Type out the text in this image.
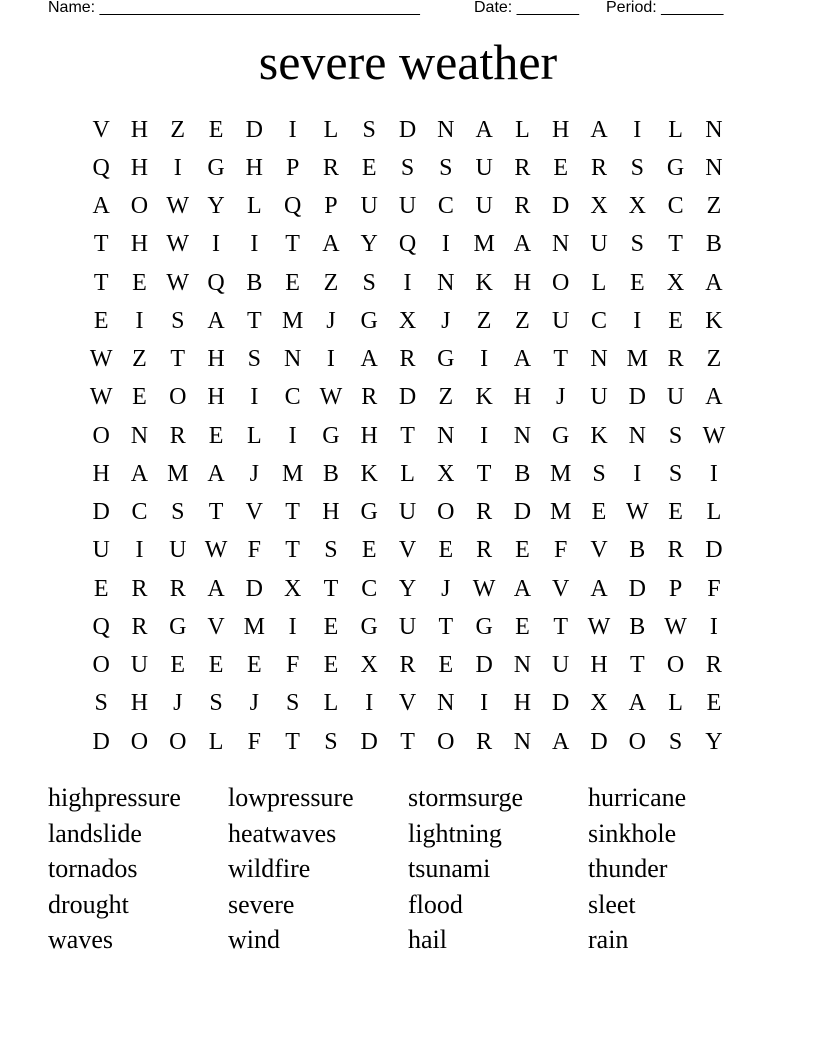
Name: ____________________________________	Date: _______ Period: _______
severe weather
V H Z E D	I	L	S D N A L H A	I	L N
Q H	I	G H P R E	S	S U R E R S G N
A O W Y L Q P U U C U R D X X C Z
T H W I	I	T A Y Q	I M A N U S	T B
T E W Q B E Z	S	I	N K H O L E X A
E	I	S A T M J	G X	J	Z Z U C	I	E K
W Z T H S N	I	A R G	I	A T N M R Z
W E O H	I	C W R D Z K H	J	U D U A
O N R E L	I	G H T N	I	N G K N S W
H A M A	J M B K L X T B M S	I	S	I
D C S	T V T H G U O R D M E W E L
U	I	U W F	T	S	E V E R E	F V B R D
E R R A D X T C Y	J W A V A D P	F
Q R G V M I	E G U T G E T W B W I
O U E E E	F	E X R E D N U H T O R
S H	J	S	J	S	L	I	V N	I	H D X A L E
D O O L	F	T	S D T O R N A D O S Y
highpressure	lowpressure	stormsurge	hurricane
landslide	heatwaves	lightning	sinkhole
tornados	wildfire	tsunami	thunder
drought	severe	flood	sleet
waves	wind	hail	rain
